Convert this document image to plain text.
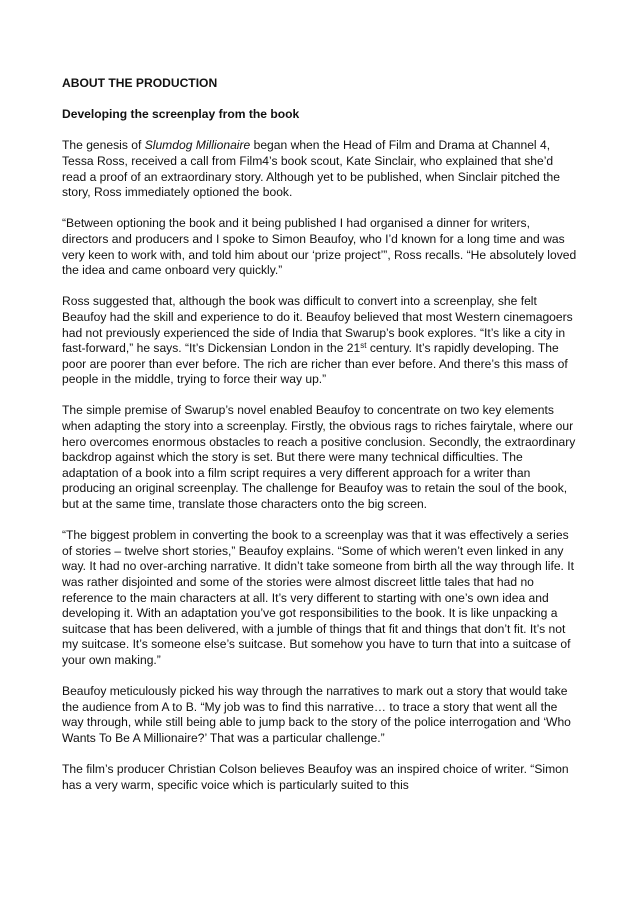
ABOUT THE PRODUCTION
Developing the screenplay from the book

The genesis of Slumdog Millionaire began when the Head of Film and Drama at Channel 4, Tessa Ross, received a call from Film4’s book scout, Kate Sinclair, who explained that she’d read a proof of an extraordinary story. Although yet to be published, when Sinclair pitched the story, Ross immediately optioned the book.

“Between optioning the book and it being published I had organised a dinner for writers, directors and producers and I spoke to Simon Beaufoy, who I’d known for a long time and was very keen to work with, and told him about our ‘prize project’”, Ross recalls. “He absolutely loved the idea and came onboard very quickly.”

Ross suggested that, although the book was difficult to convert into a screenplay, she felt Beaufoy had the skill and experience to do it. Beaufoy believed that most Western cinemagoers had not previously experienced the side of India that Swarup’s book explores. “It’s like a city in fast-forward,” he says. “It’s Dickensian London in the 21st century. It’s rapidly developing. The poor are poorer than ever before. The rich are richer than ever before. And there’s this mass of people in the middle, trying to force their way up.”

The simple premise of Swarup’s novel enabled Beaufoy to concentrate on two key elements when adapting the story into a screenplay. Firstly, the obvious rags to riches fairytale, where our hero overcomes enormous obstacles to reach a positive conclusion. Secondly, the extraordinary backdrop against which the story is set. But there were many technical difficulties. The adaptation of a book into a film script requires a very different approach for a writer than producing an original screenplay. The challenge for Beaufoy was to retain the soul of the book, but at the same time, translate those characters onto the big screen.

“The biggest problem in converting the book to a screenplay was that it was effectively a series of stories – twelve short stories,” Beaufoy explains. “Some of which weren’t even linked in any way. It had no over-arching narrative. It didn’t take someone from birth all the way through life. It was rather disjointed and some of the stories were almost discreet little tales that had no reference to the main characters at all. It’s very different to starting with one’s own idea and developing it. With an adaptation you’ve got responsibilities to the book. It is like unpacking a suitcase that has been delivered, with a jumble of things that fit and things that don’t fit. It’s not my suitcase. It’s someone else’s suitcase. But somehow you have to turn that into a suitcase of your own making.”

Beaufoy meticulously picked his way through the narratives to mark out a story that would take the audience from A to B. “My job was to find this narrative… to trace a story that went all the way through, while still being able to jump back to the story of the police interrogation and ‘Who Wants To Be A Millionaire?’ That was a particular challenge.”

The film’s producer Christian Colson believes Beaufoy was an inspired choice of writer. “Simon has a very warm, specific voice which is particularly suited to this
